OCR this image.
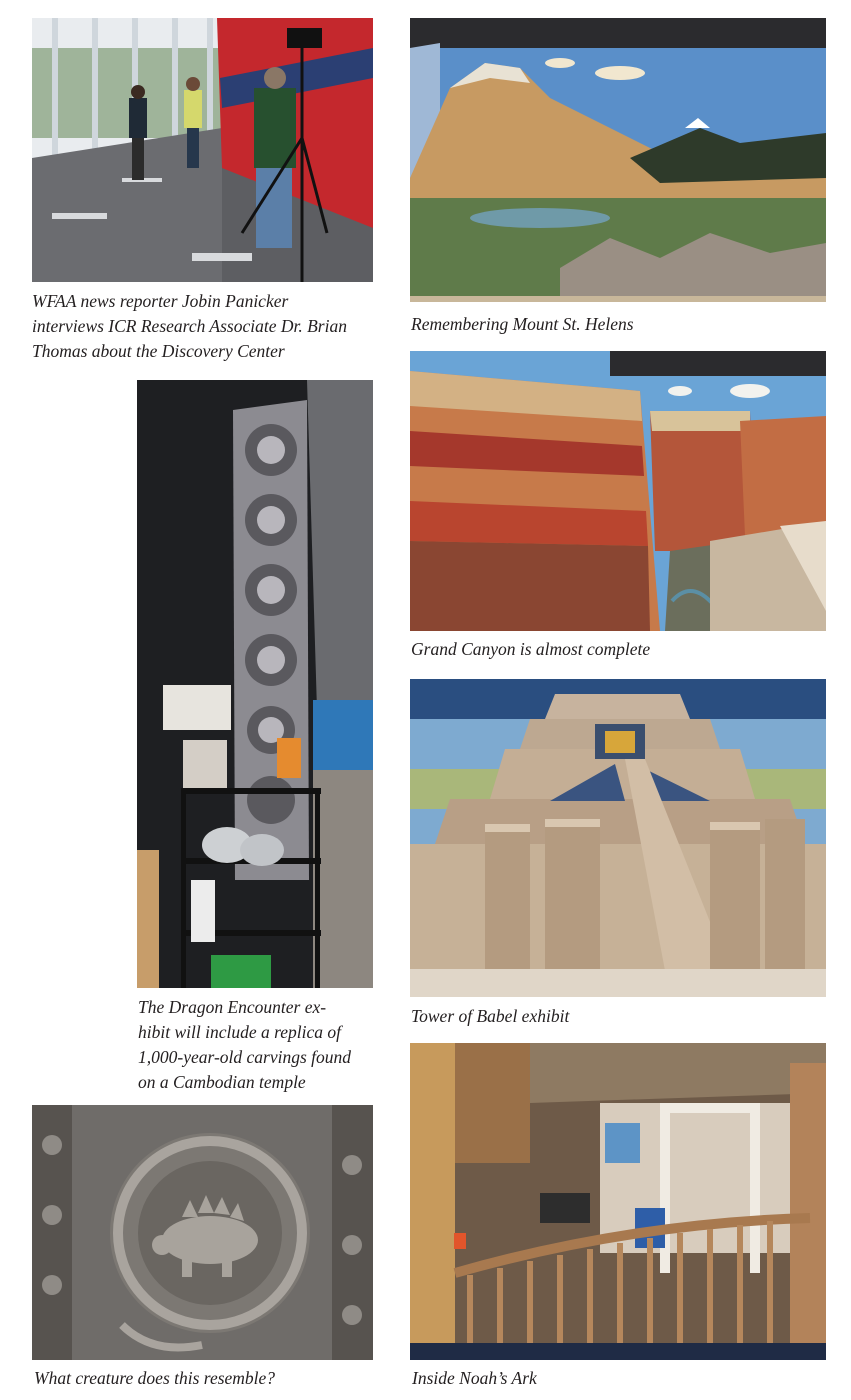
WFAA news reporter Jobin Panicker
interviews ICR Research Associate Dr. Brian
Thomas about the Discovery Center
Remembering Mount St. Helens
The Dragon Encounter ex-
hibit will include a replica of
1,000-year-old carvings found
on a Cambodian temple
Grand Canyon is almost complete
Tower of Babel exhibit
What creature does this resemble?	Inside Noah’s Ark
